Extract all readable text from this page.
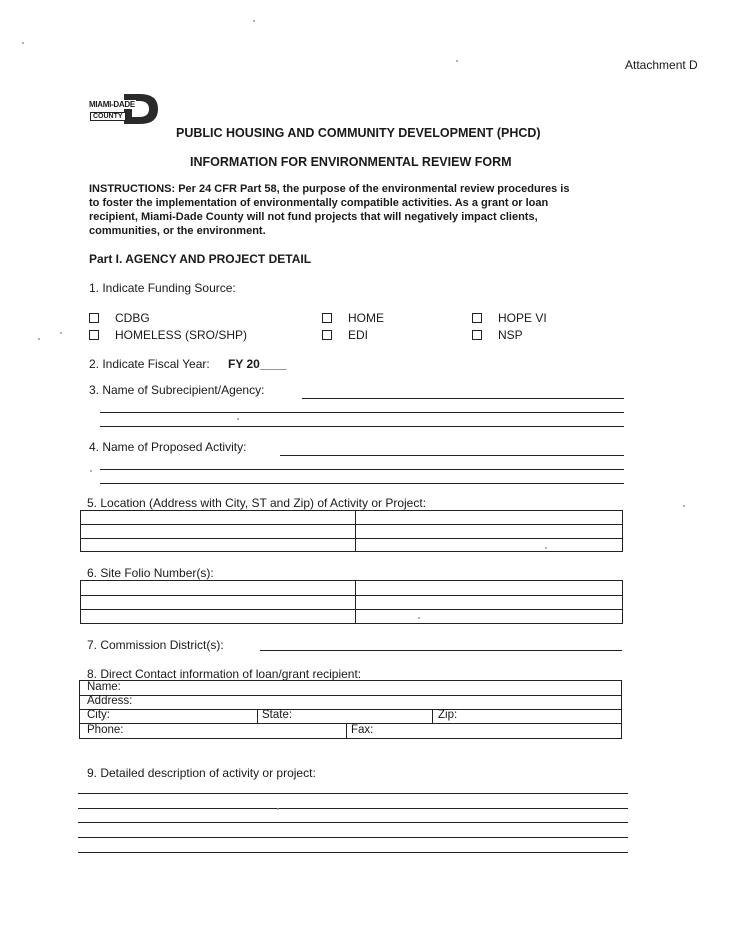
Attachment D
MIAMI-DADE
COUNTY
PUBLIC HOUSING AND COMMUNITY DEVELOPMENT (PHCD)
INFORMATION FOR ENVIRONMENTAL REVIEW FORM
INSTRUCTIONS: Per 24 CFR Part 58, the purpose of the environmental review procedures is
to foster the implementation of environmentally compatible activities. As a grant or loan
recipient, Miami-Dade County will not fund projects that will negatively impact clients,
communities, or the environment.
Part I. AGENCY AND PROJECT DETAIL
1. Indicate Funding Source:
CDBG	HOME	HOPE VI
HOMELESS (SRO/SHP)	EDI	NSP
2. Indicate Fiscal Year: FY 20____
3. Name of Subrecipient/Agency:
4. Name of Proposed Activity:
5. Location (Address with City, ST and Zip) of Activity or Project:
6. Site Folio Number(s):
7. Commission District(s):
8. Direct Contact information of loan/grant recipient:
Name:
Address:
City:	State:	Zip:
Phone:	Fax:
9. Detailed description of activity or project:
